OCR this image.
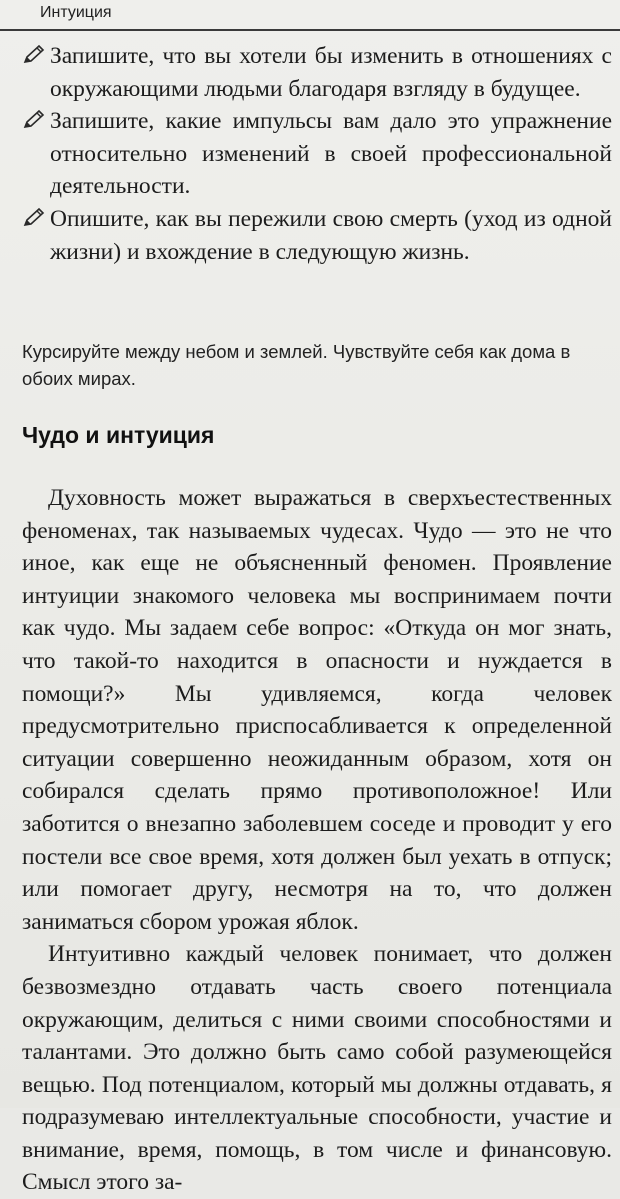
Интуиция
Запишите, что вы хотели бы изменить в отношениях с окружающими людьми благодаря взгляду в будущее.
Запишите, какие импульсы вам дало это упражнение относительно изменений в своей профессиональной деятельности.
Опишите, как вы пережили свою смерть (уход из одной жизни) и вхождение в следующую жизнь.
Курсируйте между небом и землей. Чувствуйте себя как дома в обоих мирах.
Чудо и интуиция

Духовность может выражаться в сверхъестественных феноменах, так называемых чудесах. Чудо — это не что иное, как еще не объясненный феномен. Проявление интуиции знакомого человека мы воспринимаем почти как чудо. Мы задаем себе вопрос: «Откуда он мог знать, что такой-то находится в опасности и нуждается в помощи?» Мы удивляемся, когда человек предусмотрительно приспосабливается к определенной ситуации совершенно неожиданным образом, хотя он собирался сделать прямо противоположное! Или заботится о внезапно заболевшем соседе и проводит у его постели все свое время, хотя должен был уехать в отпуск; или помогает другу, несмотря на то, что должен заниматься сбором урожая яблок.

Интуитивно каждый человек понимает, что должен безвозмездно отдавать часть своего потенциала окружающим, делиться с ними своими способностями и талантами. Это должно быть само собой разумеющейся вещью. Под потенциалом, который мы должны отдавать, я подразумеваю интеллектуальные способности, участие и внимание, время, помощь, в том числе и финансовую. Смысл этого за-
